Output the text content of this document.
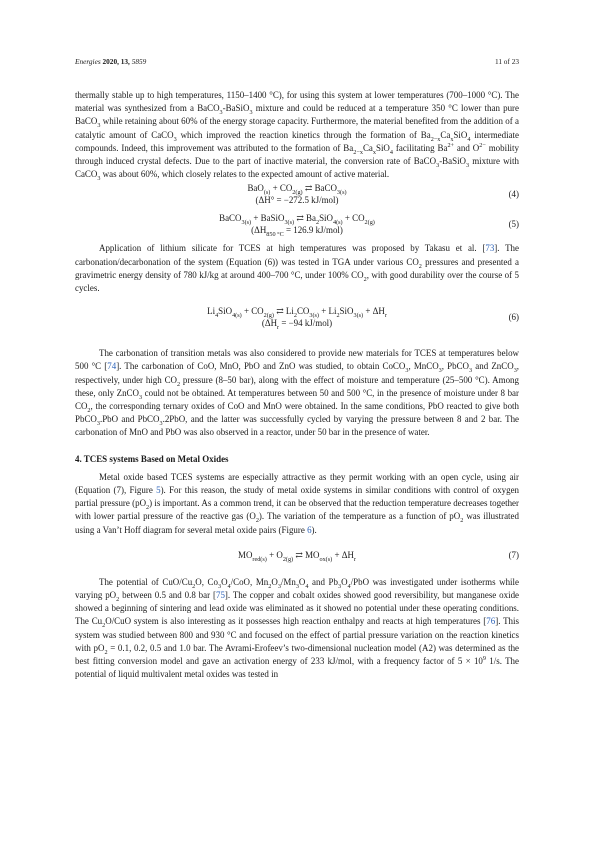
Energies 2020, 13, 5859	11 of 23

thermally stable up to high temperatures, 1150–1400 °C), for using this system at lower temperatures (700–1000 °C). The material was synthesized from a BaCO$_3$-BaSiO$_3$ mixture and could be reduced at a temperature 350 °C lower than pure BaCO$_3$ while retaining about 60% of the energy storage capacity. Furthermore, the material benefited from the addition of a catalytic amount of CaCO$_3$ which improved the reaction kinetics through the formation of $Ba_{2-x}Ca_xSiO_4$ intermediate compounds. Indeed, this improvement was attributed to the formation of $Ba_{2-x}Ca_xSiO_4$ facilitating $Ba^{2+}$ and $O^{2-}$ mobility through induced crystal defects. Due to the part of inactive material, the conversion rate of BaCO$_3$-BaSiO$_3$ mixture with CaCO$_3$ was about 60%, which closely relates to the expected amount of active material.

$BaO_{(s)} + CO_{2(g)}$ ⇄ BaCO$_{3(s)}$
(ΔH° = −272.5 kJ/mol)
(4)
BaCO$_{3(s)}$ + BaSiO$_{3(s)}$ ⇄ $Ba_2SiO_{4(s)} + CO_{2(g)}$
($\Delta H_{850 ^\circ C} = 126.9$ kJ/mol)
(5)

Application of lithium silicate for TCES at high temperatures was proposed by Takasu et al. [73]. The carbonation/decarbonation of the system (Equation (6)) was tested in TGA under various $CO_2$ pressures and presented a gravimetric energy density of 780 kJ/kg at around 400–700 °C, under 100% $CO_2$, with good durability over the course of 5 cycles.

$Li_4SiO_{4(s)} + CO_{2(g)}$ ⇄ $Li_2CO_{3(s)} + Li_2SiO_{3(s)} + \Delta H_r$
($\Delta H_r = -94$ kJ/mol)
(6)

The carbonation of transition metals was also considered to provide new materials for TCES at temperatures below 500 °C [74]. The carbonation of CoO, MnO, PbO and ZnO was studied, to obtain CoCO$_3$, MnCO$_3$, PbCO$_3$ and ZnCO$_3$, respectively, under high $CO_2$ pressure (8–50 bar), along with the effect of moisture and temperature (25–500 °C). Among these, only ZnCO$_3$ could not be obtained. At temperatures between 50 and 500 °C, in the presence of moisture under 8 bar $CO_2$, the corresponding ternary oxides of CoO and MnO were obtained. In the same conditions, PbO reacted to give both PbCO$_3$.PbO and PbCO$_3$.2PbO, and the latter was successfully cycled by varying the pressure between 8 and 2 bar. The carbonation of MnO and PbO was also observed in a reactor, under 50 bar in the presence of water.

4. TCES systems Based on Metal Oxides

Metal oxide based TCES systems are especially attractive as they permit working with an open cycle, using air (Equation (7), Figure 5). For this reason, the study of metal oxide systems in similar conditions with control of oxygen partial pressure $(pO_2)$ is important. As a common trend, it can be observed that the reduction temperature decreases together with lower partial pressure of the reactive gas $(O_2)$. The variation of the temperature as a function of $pO_2$ was illustrated using a Van’t Hoff diagram for several metal oxide pairs (Figure 6).

$MO_{red(s)} + O_{2(g)}$ ⇄ $MO_{ox(s)} + \Delta H_r$	(7)

The potential of CuO/$Cu_2O$, $Co_3O_4$/CoO, $Mn_2O_3/Mn_3O_4$ and $Pb_3O_4$/PbO was investigated under isotherms while varying $pO_2$ between 0.5 and 0.8 bar [75]. The copper and cobalt oxides showed good reversibility, but manganese oxide showed a beginning of sintering and lead oxide was eliminated as it showed no potential under these operating conditions. The $Cu_2O$/CuO system is also interesting as it possesses high reaction enthalpy and reacts at high temperatures [76]. This system was studied between 800 and 930 °C and focused on the effect of partial pressure variation on the reaction kinetics with $pO_2 = 0.1$, 0.2, 0.5 and 1.0 bar. The Avrami-Erofeev’s two-dimensional nucleation model (A2) was determined as the best fitting conversion model and gave an activation energy of 233 kJ/mol, with a frequency factor of $5 \times 10^9$ 1/s. The potential of liquid multivalent metal oxides was tested in
